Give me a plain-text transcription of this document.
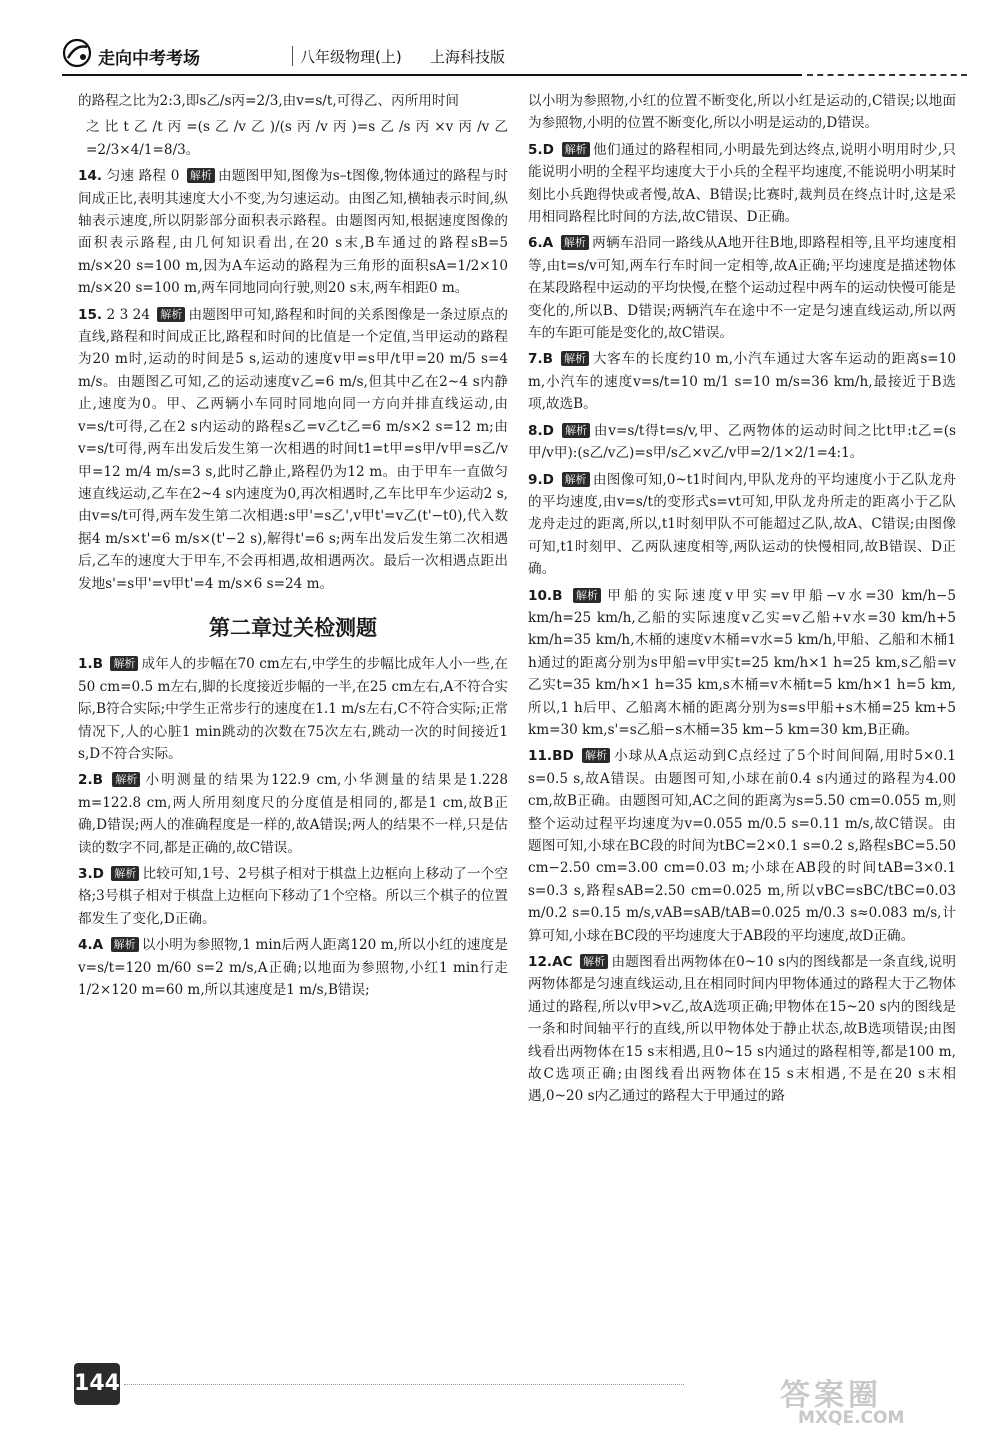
走向中考考场	八年级物理(上) 上海科技版

的路程之比为2:3,即s乙/s丙=2/3,由v=s/t,可得乙、丙所用时间
之比t乙/t丙=(s乙/v乙)/(s丙/v丙)=s乙/s丙×v丙/v乙=2/3×4/1=8/3。

14. 匀速 路程 0 解析 由题图甲知,图像为s–t图像,物体通过的路程与时间成正比,表明其速度大小不变,为匀速运动。由图乙知,横轴表示时间,纵轴表示速度,所以阴影部分面积表示路程。由题图丙知,根据速度图像的面积表示路程,由几何知识看出,在20 s末,B车通过的路程sB=5 m/s×20 s=100 m,因为A车运动的路程为三角形的面积sA=1/2×10 m/s×20 s=100 m,两车同地同向行驶,则20 s末,两车相距0 m。

15. 2 3 24 解析 由题图甲可知,路程和时间的关系图像是一条过原点的直线,路程和时间成正比,路程和时间的比值是一个定值,当甲运动的路程为20 m时,运动的时间是5 s,运动的速度v甲=s甲/t甲=20 m/5 s=4 m/s。由题图乙可知,乙的运动速度v乙=6 m/s,但其中乙在2~4 s内静止,速度为0。甲、乙两辆小车同时同地向同一方向并排直线运动,由v=s/t可得,乙在2 s内运动的路程s乙=v乙t乙=6 m/s×2 s=12 m;由v=s/t可得,两车出发后发生第一次相遇的时间t1=t甲=s甲/v甲=s乙/v甲=12 m/4 m/s=3 s,此时乙静止,路程仍为12 m。由于甲车一直做匀速直线运动,乙车在2~4 s内速度为0,再次相遇时,乙车比甲车少运动2 s,由v=s/t可得,两车发生第二次相遇:s甲'=s乙',v甲t'=v乙(t'−t0),代入数据4 m/s×t'=6 m/s×(t'−2 s),解得t'=6 s;两车出发后发生第二次相遇后,乙车的速度大于甲车,不会再相遇,故相遇两次。最后一次相遇点距出发地s'=s甲'=v甲t'=4 m/s×6 s=24 m。

第二章过关检测题

1.B 解析 成年人的步幅在70 cm左右,中学生的步幅比成年人小一些,在50 cm=0.5 m左右,脚的长度接近步幅的一半,在25 cm左右,A不符合实际,B符合实际;中学生正常步行的速度在1.1 m/s左右,C不符合实际;正常情况下,人的心脏1 min跳动的次数在75次左右,跳动一次的时间接近1 s,D不符合实际。

2.B 解析 小明测量的结果为122.9 cm,小华测量的结果是1.228 m=122.8 cm,两人所用刻度尺的分度值是相同的,都是1 cm,故B正确,D错误;两人的准确程度是一样的,故A错误;两人的结果不一样,只是估读的数字不同,都是正确的,故C错误。

3.D 解析 比较可知,1号、2号棋子相对于棋盘上边框向上移动了一个空格;3号棋子相对于棋盘上边框向下移动了1个空格。所以三个棋子的位置都发生了变化,D正确。

4.A 解析 以小明为参照物,1 min后两人距离120 m,所以小红的速度是v=s/t=120 m/60 s=2 m/s,A正确;以地面为参照物,小红1 min行走1/2×120 m=60 m,所以其速度是1 m/s,B错误;

以小明为参照物,小红的位置不断变化,所以小红是运动的,C错误;以地面为参照物,小明的位置不断变化,所以小明是运动的,D错误。

5.D 解析 他们通过的路程相同,小明最先到达终点,说明小明用时少,只能说明小明的全程平均速度大于小兵的全程平均速度,不能说明小明某时刻比小兵跑得快或者慢,故A、B错误;比赛时,裁判员在终点计时,这是采用相同路程比时间的方法,故C错误、D正确。

6.A 解析 两辆车沿同一路线从A地开往B地,即路程相等,且平均速度相等,由t=s/v可知,两车行车时间一定相等,故A正确;平均速度是描述物体在某段路程中运动的平均快慢,在整个运动过程中两车的运动快慢可能是变化的,所以B、D错误;两辆汽车在途中不一定是匀速直线运动,所以两车的车距可能是变化的,故C错误。

7.B 解析 大客车的长度约10 m,小汽车通过大客车运动的距离s=10 m,小汽车的速度v=s/t=10 m/1 s=10 m/s=36 km/h,最接近于B选项,故选B。

8.D 解析 由v=s/t得t=s/v,甲、乙两物体的运动时间之比t甲:t乙=(s甲/v甲):(s乙/v乙)=s甲/s乙×v乙/v甲=2/1×2/1=4:1。

9.D 解析 由图像可知,0~t1时间内,甲队龙舟的平均速度小于乙队龙舟的平均速度,由v=s/t的变形式s=vt可知,甲队龙舟所走的距离小于乙队龙舟走过的距离,所以,t1时刻甲队不可能超过乙队,故A、C错误;由图像可知,t1时刻甲、乙两队速度相等,两队运动的快慢相同,故B错误、D正确。

10.B 解析 甲船的实际速度v甲实=v甲船−v水=30 km/h−5 km/h=25 km/h,乙船的实际速度v乙实=v乙船+v水=30 km/h+5 km/h=35 km/h,木桶的速度v木桶=v水=5 km/h,甲船、乙船和木桶1 h通过的距离分别为s甲船=v甲实t=25 km/h×1 h=25 km,s乙船=v乙实t=35 km/h×1 h=35 km,s木桶=v木桶t=5 km/h×1 h=5 km,所以,1 h后甲、乙船离木桶的距离分别为s=s甲船+s木桶=25 km+5 km=30 km,s'=s乙船−s木桶=35 km−5 km=30 km,B正确。

11.BD 解析 小球从A点运动到C点经过了5个时间间隔,用时5×0.1 s=0.5 s,故A错误。由题图可知,小球在前0.4 s内通过的路程为4.00 cm,故B正确。由题图可知,AC之间的距离为s=5.50 cm=0.055 m,则整个运动过程平均速度为v=0.055 m/0.5 s=0.11 m/s,故C错误。由题图可知,小球在BC段的时间为tBC=2×0.1 s=0.2 s,路程sBC=5.50 cm−2.50 cm=3.00 cm=0.03 m;小球在AB段的时间tAB=3×0.1 s=0.3 s,路程sAB=2.50 cm=0.025 m,所以vBC=sBC/tBC=0.03 m/0.2 s=0.15 m/s,vAB=sAB/tAB=0.025 m/0.3 s≈0.083 m/s,计算可知,小球在BC段的平均速度大于AB段的平均速度,故D正确。

12.AC 解析 由题图看出两物体在0~10 s内的图线都是一条直线,说明两物体都是匀速直线运动,且在相同时间内甲物体通过的路程大于乙物体通过的路程,所以v甲>v乙,故A选项正确;甲物体在15~20 s内的图线是一条和时间轴平行的直线,所以甲物体处于静止状态,故B选项错误;由图线看出两物体在15 s末相遇,且0~15 s内通过的路程相等,都是100 m,故C选项正确;由图线看出两物体在15 s末相遇,不是在20 s末相遇,0~20 s内乙通过的路程大于甲通过的路

144	答案圈
MXQE.COM
